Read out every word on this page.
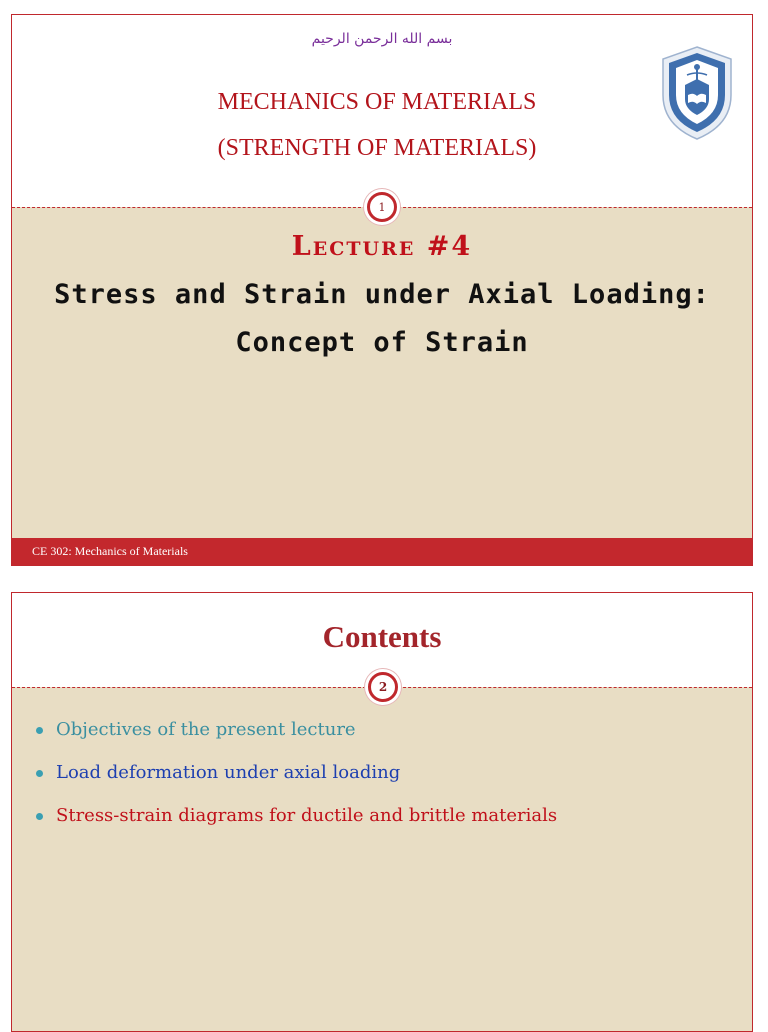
بسم الله الرحمن الرحيم
MECHANICS OF MATERIALS
(STRENGTH OF MATERIALS)
1
Lecture #4
Stress and Strain under Axial Loading:
Concept of Strain
CE 302: Mechanics of Materials
Contents
2
Objectives of the present lecture
Load deformation under axial loading
Stress-strain diagrams for ductile and brittle materials
